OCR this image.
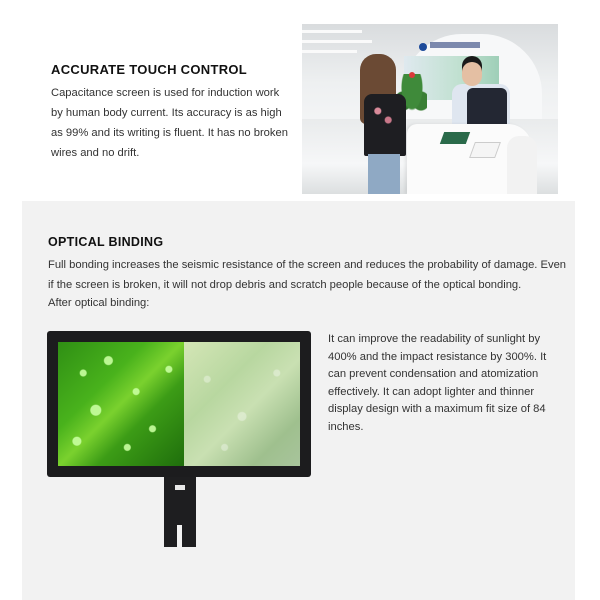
ACCURATE TOUCH CONTROL

Capacitance screen is used for induction work by human body current. Its accuracy is as high as 99% and its writing is fluent. It has no broken wires and no drift.

OPTICAL BINDING

Full bonding increases the seismic resistance of the screen and reduces the probability of damage. Even if the screen is broken, it will not drop debris and scratch people because of the optical bonding.

After optical binding:

It can improve the readability of sunlight by 400% and the impact resistance by 300%. It can prevent condensation and atomization effectively. It can adopt lighter and thinner display design with a maximum fit size of 84 inches.
